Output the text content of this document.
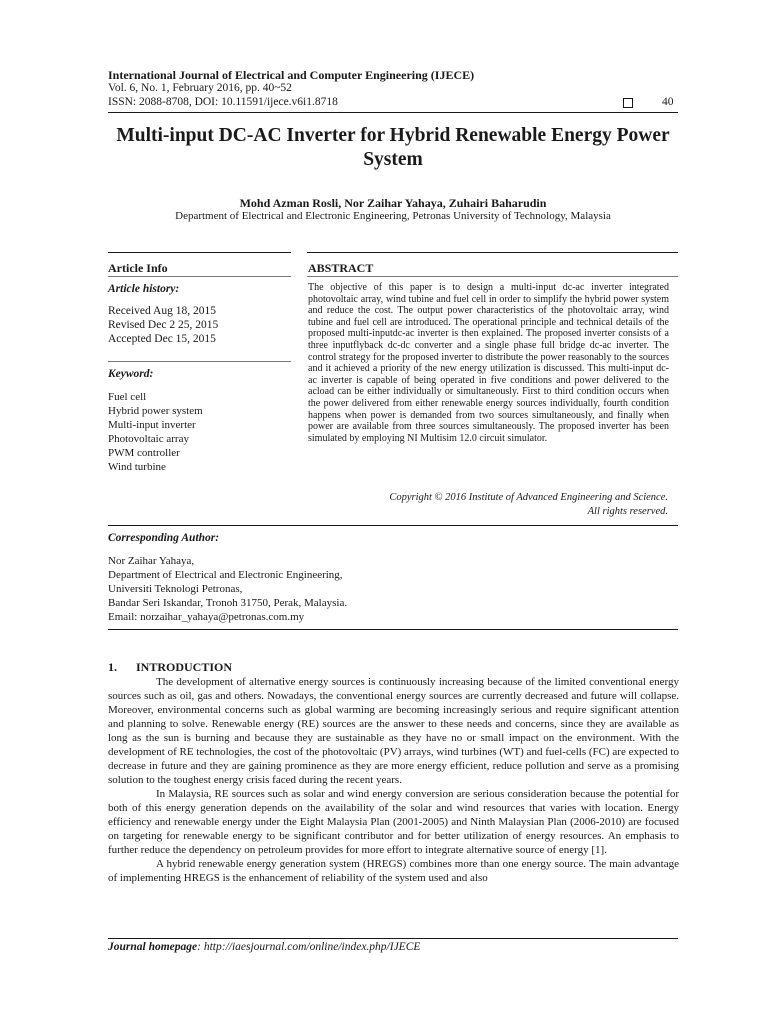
International Journal of Electrical and Computer Engineering (IJECE)
Vol. 6, No. 1, February 2016, pp. 40~52
ISSN: 2088-8708, DOI: 10.11591/ijece.v6i1.8718	40
Multi-input DC-AC Inverter for Hybrid Renewable Energy Power System
Mohd Azman Rosli, Nor Zaihar Yahaya, Zuhairi Baharudin
Department of Electrical and Electronic Engineering, Petronas University of Technology, Malaysia
Article Info	ABSTRACT
Article history:
Received Aug 18, 2015
Revised Dec 2 25, 2015
Accepted Dec 15, 2015
Keyword:
Fuel cell
Hybrid power system
Multi-input inverter
Photovoltaic array
PWM controller
Wind turbine
The objective of this paper is to design a multi-input dc-ac inverter integrated photovoltaic array, wind tubine and fuel cell in order to simplify the hybrid power system and reduce the cost. The output power characteristics of the photovoltaic array, wind tubine and fuel cell are introduced. The operational principle and technical details of the proposed multi-inputdc-ac inverter is then explained. The proposed inverter consists of a three inputflyback dc-dc converter and a single phase full bridge dc-ac inverter. The control strategy for the proposed inverter to distribute the power reasonably to the sources and it achieved a priority of the new energy utilization is discussed. This multi-input dc-ac inverter is capable of being operated in five conditions and power delivered to the acload can be either individually or simultaneously. First to third condition occurs when the power delivered from either renewable energy sources individually, fourth condition happens when power is demanded from two sources simultaneously, and finally when power are available from three sources simultaneously. The proposed inverter has been simulated by employing NI Multisim 12.0 circuit simulator.
Copyright © 2016 Institute of Advanced Engineering and Science.
All rights reserved.
Corresponding Author:
Nor Zaihar Yahaya,
Department of Electrical and Electronic Engineering,
Universiti Teknologi Petronas,
Bandar Seri Iskandar, Tronoh 31750, Perak, Malaysia.
Email: norzaihar_yahaya@petronas.com.my
1. INTRODUCTION

The development of alternative energy sources is continuously increasing because of the limited conventional energy sources such as oil, gas and others. Nowadays, the conventional energy sources are currently decreased and future will collapse. Moreover, environmental concerns such as global warming are becoming increasingly serious and require significant attention and planning to solve. Renewable energy (RE) sources are the answer to these needs and concerns, since they are available as long as the sun is burning and because they are sustainable as they have no or small impact on the environment. With the development of RE technologies, the cost of the photovoltaic (PV) arrays, wind turbines (WT) and fuel-cells (FC) are expected to decrease in future and they are gaining prominence as they are more energy efficient, reduce pollution and serve as a promising solution to the toughest energy crisis faced during the recent years.

In Malaysia, RE sources such as solar and wind energy conversion are serious consideration because the potential for both of this energy generation depends on the availability of the solar and wind resources that varies with location. Energy efficiency and renewable energy under the Eight Malaysia Plan (2001-2005) and Ninth Malaysian Plan (2006-2010) are focused on targeting for renewable energy to be significant contributor and for better utilization of energy resources. An emphasis to further reduce the dependency on petroleum provides for more effort to integrate alternative source of energy [1].

A hybrid renewable energy generation system (HREGS) combines more than one energy source. The main advantage of implementing HREGS is the enhancement of reliability of the system used and also

Journal homepage: http://iaesjournal.com/online/index.php/IJECE
